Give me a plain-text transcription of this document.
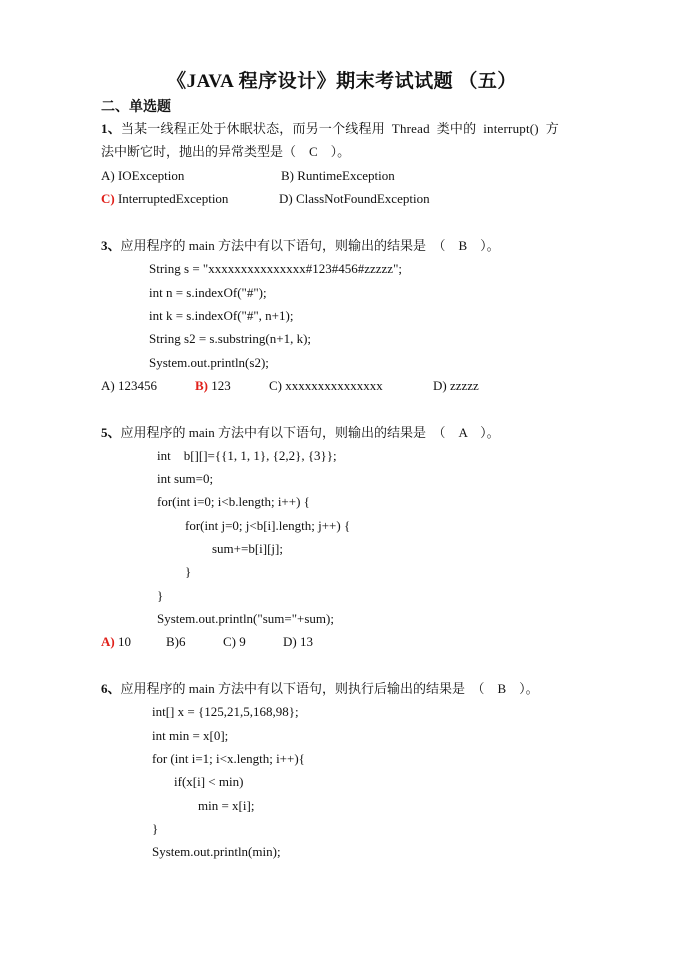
《JAVA 程序设计》期末考试试题 （五）
二、单选题
1、当某一线程正处于休眠状态，而另一个线程用  Thread  类中的  interrupt()  方
法中断它时，抛出的异常类型是（    C    ）。
A) IOException	B) RuntimeException
C) InterruptedException	D) ClassNotFoundException
3、应用程序的 main 方法中有以下语句，则输出的结果是  （    B    ）。
String s = "xxxxxxxxxxxxxxx#123#456#zzzzz";
int n = s.indexOf("#");
int k = s.indexOf("#", n+1);
String s2 = s.substring(n+1, k);
System.out.println(s2);
A) 123456	B) 123	C) xxxxxxxxxxxxxxx	D) zzzzz
5、应用程序的 main 方法中有以下语句，则输出的结果是  （    A    ）。
int    b[][]={{1, 1, 1}, {2,2}, {3}};
int sum=0;
for(int i=0; i<b.length; i++) {
for(int j=0; j<b[i].length; j++) {
sum+=b[i][j];
}
}
System.out.println("sum="+sum);
A) 10	B)6	C) 9	D) 13
6、应用程序的 main 方法中有以下语句，则执行后输出的结果是  （    B    ）。
int[] x = {125,21,5,168,98};
int min = x[0];
for (int i=1; i<x.length; i++){
if(x[i] < min)
min = x[i];
}
System.out.println(min);
